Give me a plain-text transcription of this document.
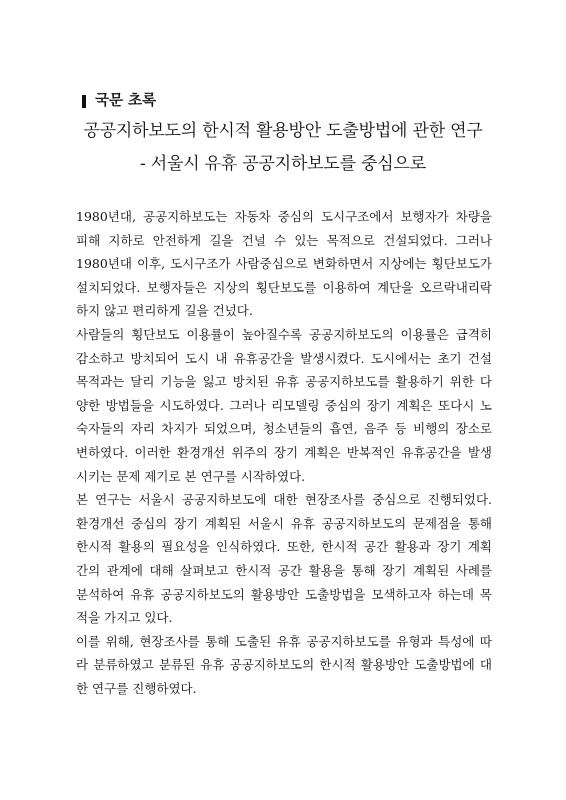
국문 초록
공공지하보도의 한시적 활용방안 도출방법에 관한 연구
- 서울시 유휴 공공지하보도를 중심으로

1980년대, 공공지하보도는 자동차 중심의 도시구조에서 보행자가 차량을
피해 지하로 안전하게 길을 건널 수 있는 목적으로 건설되었다. 그러나
1980년대 이후, 도시구조가 사람중심으로 변화하면서 지상에는 횡단보도가
설치되었다. 보행자들은 지상의 횡단보도를 이용하여 계단을 오르락내리락
하지 않고 편리하게 길을 건넜다.

사람들의 횡단보도 이용률이 높아질수록 공공지하보도의 이용률은 급격히
감소하고 방치되어 도시 내 유휴공간을 발생시켰다. 도시에서는 초기 건설
목적과는 달리 기능을 잃고 방치된 유휴 공공지하보도를 활용하기 위한 다
양한 방법들을 시도하였다. 그러나 리모델링 중심의 장기 계획은 또다시 노
숙자들의 자리 차지가 되었으며, 청소년들의 흡연, 음주 등 비행의 장소로
변하였다. 이러한 환경개선 위주의 장기 계획은 반복적인 유휴공간을 발생
시키는 문제 제기로 본 연구를 시작하였다.

본 연구는 서울시 공공지하보도에 대한 현장조사를 중심으로 진행되었다.
환경개선 중심의 장기 계획된 서울시 유휴 공공지하보도의 문제점을 통해
한시적 활용의 필요성을 인식하였다. 또한, 한시적 공간 활용과 장기 계획
간의 관계에 대해 살펴보고 한시적 공간 활용을 통해 장기 계획된 사례를
분석하여 유휴 공공지하보도의 활용방안 도출방법을 모색하고자 하는데 목
적을 가지고 있다.

이를 위해, 현장조사를 통해 도출된 유휴 공공지하보도를 유형과 특성에 따
라 분류하였고 분류된 유휴 공공지하보도의 한시적 활용방안 도출방법에 대
한 연구를 진행하였다.
